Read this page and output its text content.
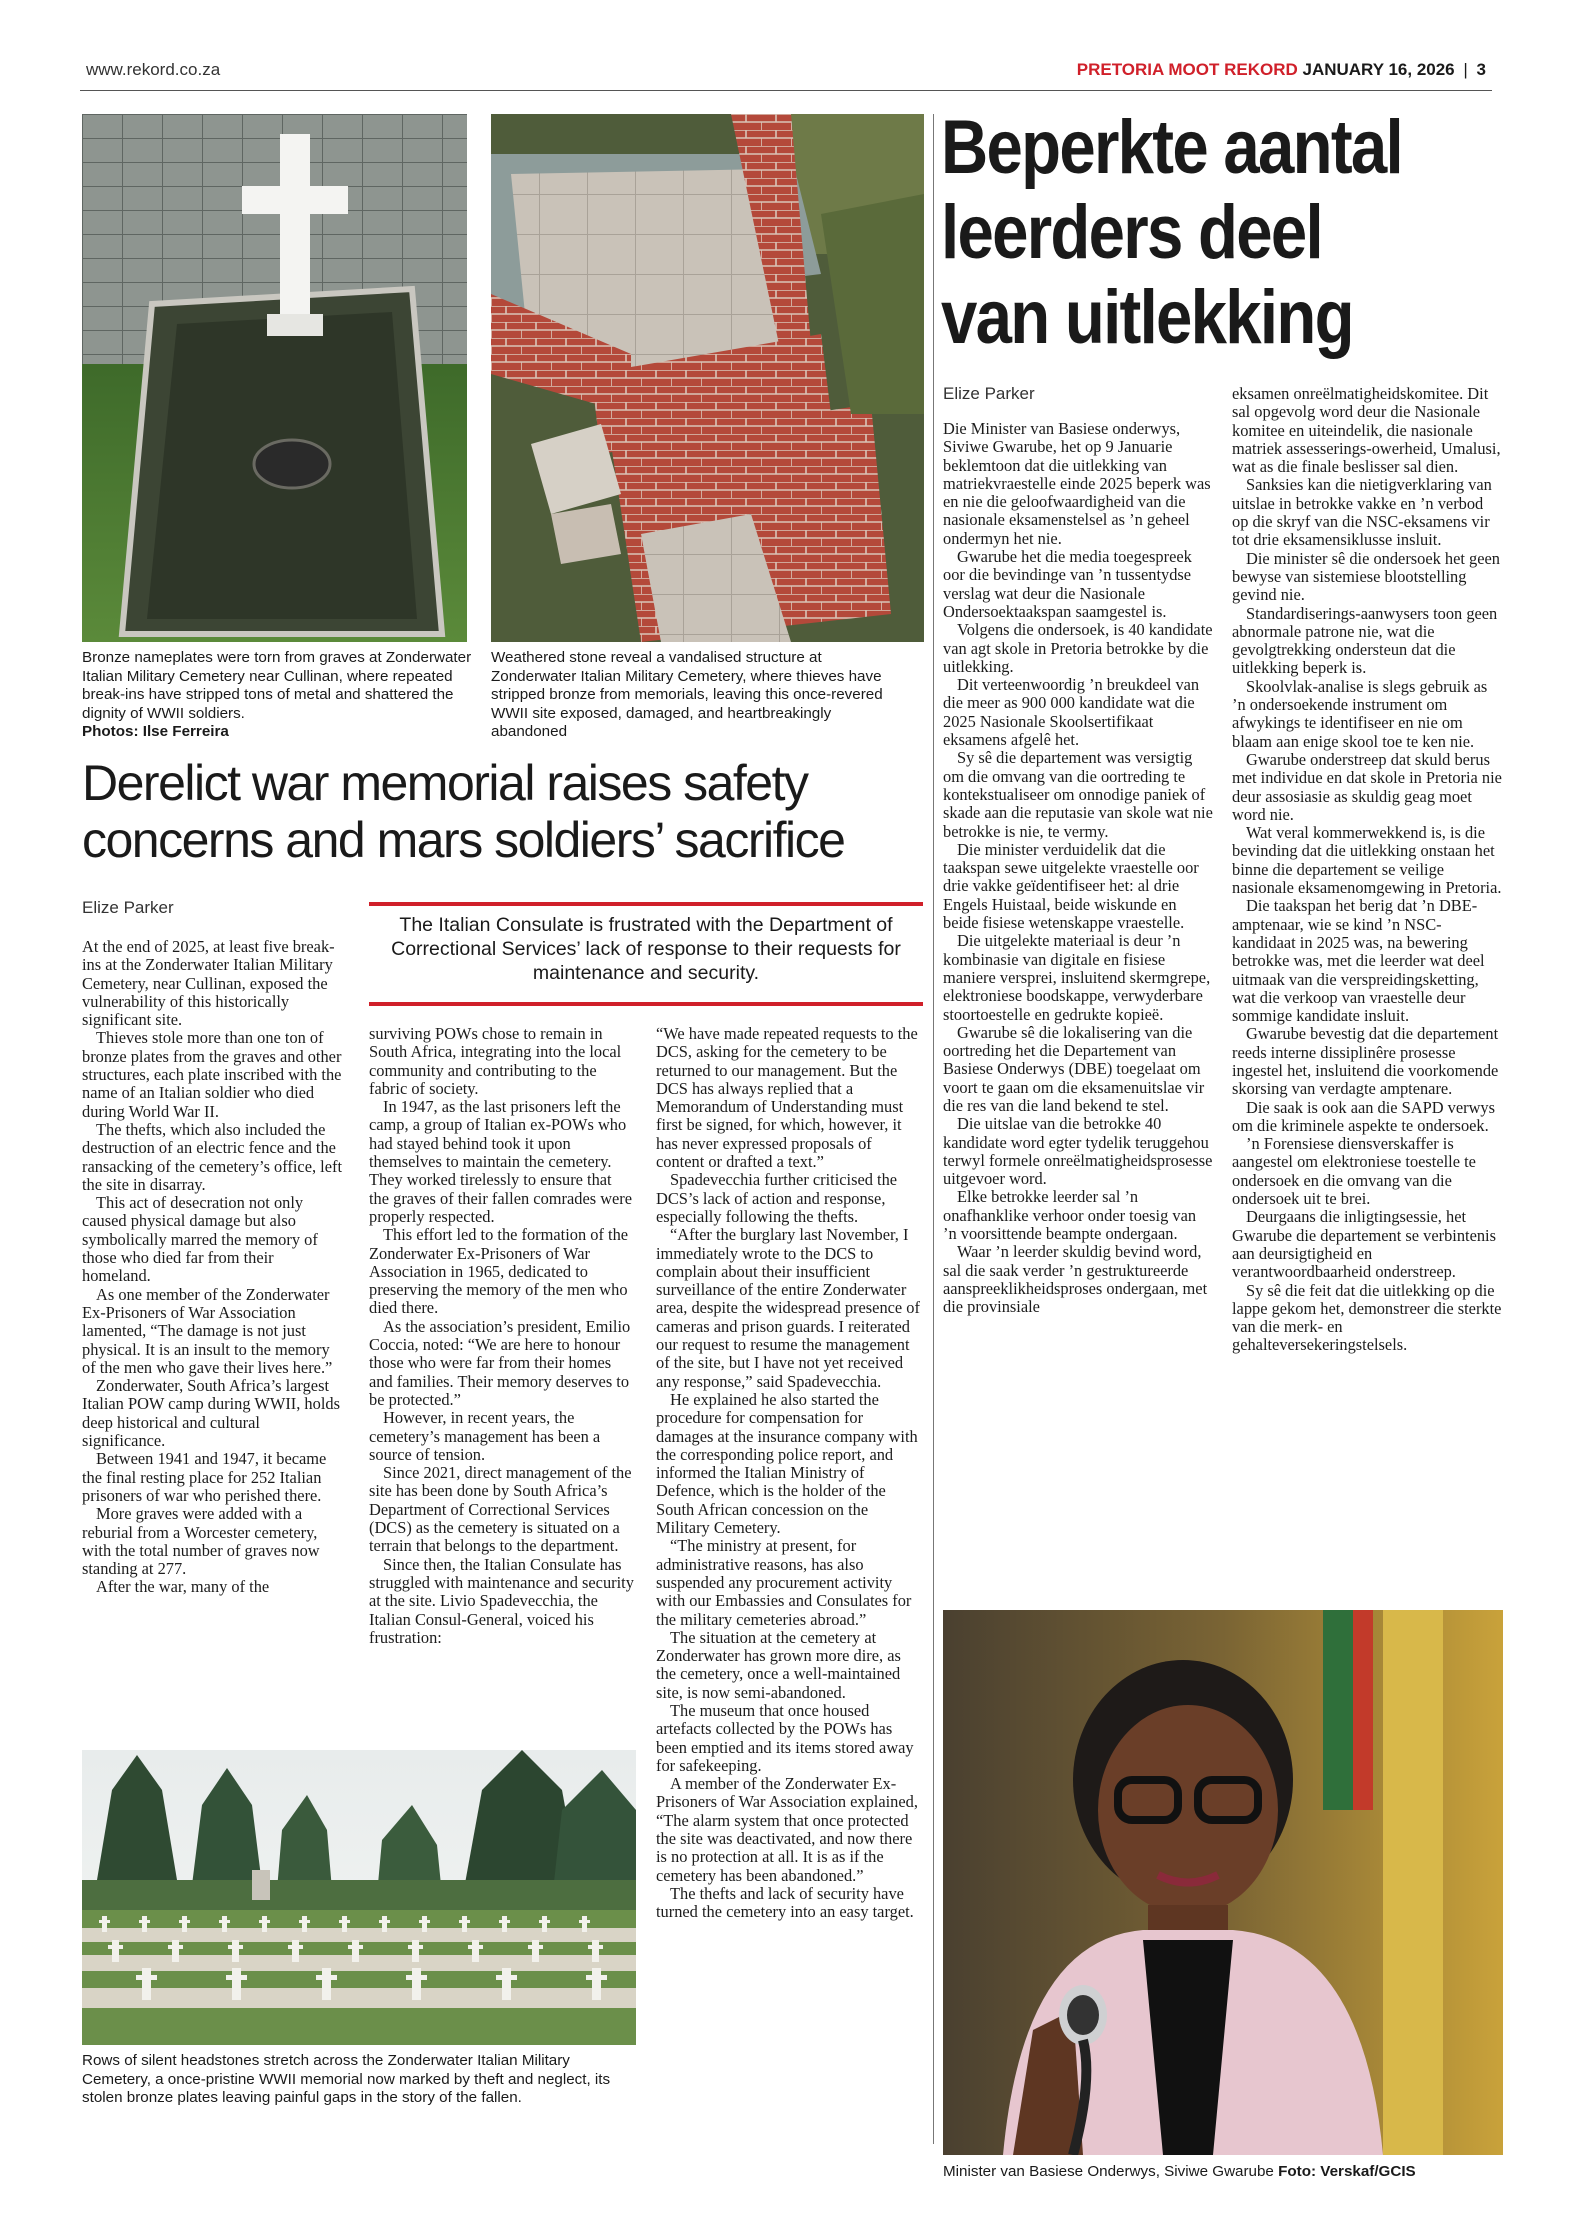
www.rekord.co.za	PRETORIA MOOT REKORD JANUARY 16, 2026 | 3
Bronze nameplates were torn from graves at Zonderwater Italian Military Cemetery near Cullinan, where repeated break-ins have stripped tons of metal and shattered the dignity of WWII soldiers.
Photos: Ilse Ferreira
Weathered stone reveal a vandalised structure at Zonderwater Italian Military Cemetery, where thieves have stripped bronze from memorials, leaving this once-revered WWII site exposed, damaged, and heartbreakingly abandoned
Derelict war memorial raises safety
concerns and mars soldiers’ sacrifice
Elize Parker
The Italian Consulate is frustrated with the Department of Correctional Services’ lack of response to their requests for maintenance and security.

At the end of 2025, at least five break-ins at the Zonderwater Italian Military Cemetery, near Cullinan, exposed the vulnerability of this historically significant site.

Thieves stole more than one ton of bronze plates from the graves and other structures, each plate inscribed with the name of an Italian soldier who died during World War II.

The thefts, which also included the destruction of an electric fence and the ransacking of the cemetery’s office, left the site in disarray.

This act of desecration not only caused physical damage but also symbolically marred the memory of those who died far from their homeland.

As one member of the Zonderwater Ex-Prisoners of War Association lamented, “The damage is not just physical. It is an insult to the memory of the men who gave their lives here.”

Zonderwater, South Africa’s largest Italian POW camp during WWII, holds deep historical and cultural significance.

Between 1941 and 1947, it became the final resting place for 252 Italian prisoners of war who perished there.

More graves were added with a reburial from a Worcester cemetery, with the total number of graves now standing at 277.

After the war, many of the

surviving POWs chose to remain in South Africa, integrating into the local community and contributing to the fabric of society.

In 1947, as the last prisoners left the camp, a group of Italian ex-POWs who had stayed behind took it upon themselves to maintain the cemetery. They worked tirelessly to ensure that the graves of their fallen comrades were properly respected.

This effort led to the formation of the Zonderwater Ex-Prisoners of War Association in 1965, dedicated to preserving the memory of the men who died there.

As the association’s president, Emilio Coccia, noted: “We are here to honour those who were far from their homes and families. Their memory deserves to be protected.”

However, in recent years, the cemetery’s management has been a source of tension.

Since 2021, direct management of the site has been done by South Africa’s Department of Correctional Services (DCS) as the cemetery is situated on a terrain that belongs to the department.

Since then, the Italian Consulate has struggled with maintenance and security at the site. Livio Spadevecchia, the Italian Consul-General, voiced his frustration:

“We have made repeated requests to the DCS, asking for the cemetery to be returned to our management. But the DCS has always replied that a Memorandum of Understanding must first be signed, for which, however, it has never expressed proposals of content or drafted a text.”

Spadevecchia further criticised the DCS’s lack of action and response, especially following the thefts.

“After the burglary last November, I immediately wrote to the DCS to complain about their insufficient surveillance of the entire Zonderwater area, despite the widespread presence of cameras and prison guards. I reiterated our request to resume the management of the site, but I have not yet received any response,” said Spadevecchia.

He explained he also started the procedure for compensation for damages at the insurance company with the corresponding police report, and informed the Italian Ministry of Defence, which is the holder of the South African concession on the Military Cemetery.

“The ministry at present, for administrative reasons, has also suspended any procurement activity with our Embassies and Consulates for the military cemeteries abroad.”

The situation at the cemetery at Zonderwater has grown more dire, as the cemetery, once a well-maintained site, is now semi-abandoned.

The museum that once housed artefacts collected by the POWs has been emptied and its items stored away for safekeeping.

A member of the Zonderwater Ex-Prisoners of War Association explained, “The alarm system that once protected the site was deactivated, and now there is no protection at all. It is as if the cemetery has been abandoned.”

The thefts and lack of security have turned the cemetery into an easy target.

Rows of silent headstones stretch across the Zonderwater Italian Military Cemetery, a once-pristine WWII memorial now marked by theft and neglect, its stolen bronze plates leaving painful gaps in the story of the fallen.
Beperkte aantal
leerders deel
van uitlekking
Elize Parker

Die Minister van Basiese onderwys, Siviwe Gwarube, het op 9 Januarie beklemtoon dat die uitlekking van matriekvraestelle einde 2025 beperk was en nie die geloofwaardigheid van die nasionale eksamenstelsel as ’n geheel ondermyn het nie.

Gwarube het die media toegespreek oor die bevindinge van ’n tussentydse verslag wat deur die Nasionale Ondersoektaakspan saamgestel is.

Volgens die ondersoek, is 40 kandidate van agt skole in Pretoria betrokke by die uitlekking.

Dit verteenwoordig ’n breukdeel van die meer as 900 000 kandidate wat die 2025 Nasionale Skoolsertifikaat eksamens afgelê het.

Sy sê die departement was versigtig om die omvang van die oortreding te kontekstualiseer om onnodige paniek of skade aan die reputasie van skole wat nie betrokke is nie, te vermy.

Die minister verduidelik dat die taakspan sewe uitgelekte vraestelle oor drie vakke geïdentifiseer het: al drie Engels Huistaal, beide wiskunde en beide fisiese wetenskappe vraestelle.

Die uitgelekte materiaal is deur ’n kombinasie van digitale en fisiese maniere versprei, insluitend skermgrepe, elektroniese boodskappe, verwyderbare stoortoestelle en gedrukte kopieë.

Gwarube sê die lokalisering van die oortreding het die Departement van Basiese Onderwys (DBE) toegelaat om voort te gaan om die eksamenuitslae vir die res van die land bekend te stel.

Die uitslae van die betrokke 40 kandidate word egter tydelik teruggehou terwyl formele onreëlmatigheidsprosesse uitgevoer word.

Elke betrokke leerder sal ’n onafhanklike verhoor onder toesig van ’n voorsittende beampte ondergaan.

Waar ’n leerder skuldig bevind word, sal die saak verder ’n gestruktureerde aanspreeklikheidsproses ondergaan, met die provinsiale

eksamen onreëlmatigheidskomitee. Dit sal opgevolg word deur die Nasionale komitee en uiteindelik, die nasionale matriek assesserings-owerheid, Umalusi, wat as die finale beslisser sal dien.

Sanksies kan die nietigverklaring van uitslae in betrokke vakke en ’n verbod op die skryf van die NSC-eksamens vir tot drie eksamensiklusse insluit.

Die minister sê die ondersoek het geen bewyse van sistemiese blootstelling gevind nie.

Standardiserings-aanwysers toon geen abnormale patrone nie, wat die gevolgtrekking ondersteun dat die uitlekking beperk is.

Skoolvlak-analise is slegs gebruik as ’n ondersoekende instrument om afwykings te identifiseer en nie om blaam aan enige skool toe te ken nie.

Gwarube onderstreep dat skuld berus met individue en dat skole in Pretoria nie deur assosiasie as skuldig geag moet word nie.

Wat veral kommerwekkend is, is die bevinding dat die uitlekking onstaan het binne die departement se veilige nasionale eksamenomgewing in Pretoria.

Die taakspan het berig dat ’n DBE-amptenaar, wie se kind ’n NSC-kandidaat in 2025 was, na bewering betrokke was, met die leerder wat deel uitmaak van die verspreidingsketting, wat die verkoop van vraestelle deur sommige kandidate insluit.

Gwarube bevestig dat die departement reeds interne dissiplinêre prosesse ingestel het, insluitend die voorkomende skorsing van verdagte amptenare.

Die saak is ook aan die SAPD verwys om die kriminele aspekte te ondersoek.

’n Forensiese diensverskaffer is aangestel om elektroniese toestelle te ondersoek en die omvang van die ondersoek uit te brei.

Deurgaans die inligtingsessie, het Gwarube die departement se verbintenis aan deursigtigheid en verantwoordbaarheid onderstreep.

Sy sê die feit dat die uitlekking op die lappe gekom het, demonstreer die sterkte van die merk- en gehalteversekeringstelsels.

Minister van Basiese Onderwys, Siviwe Gwarube Foto: Verskaf/GCIS
